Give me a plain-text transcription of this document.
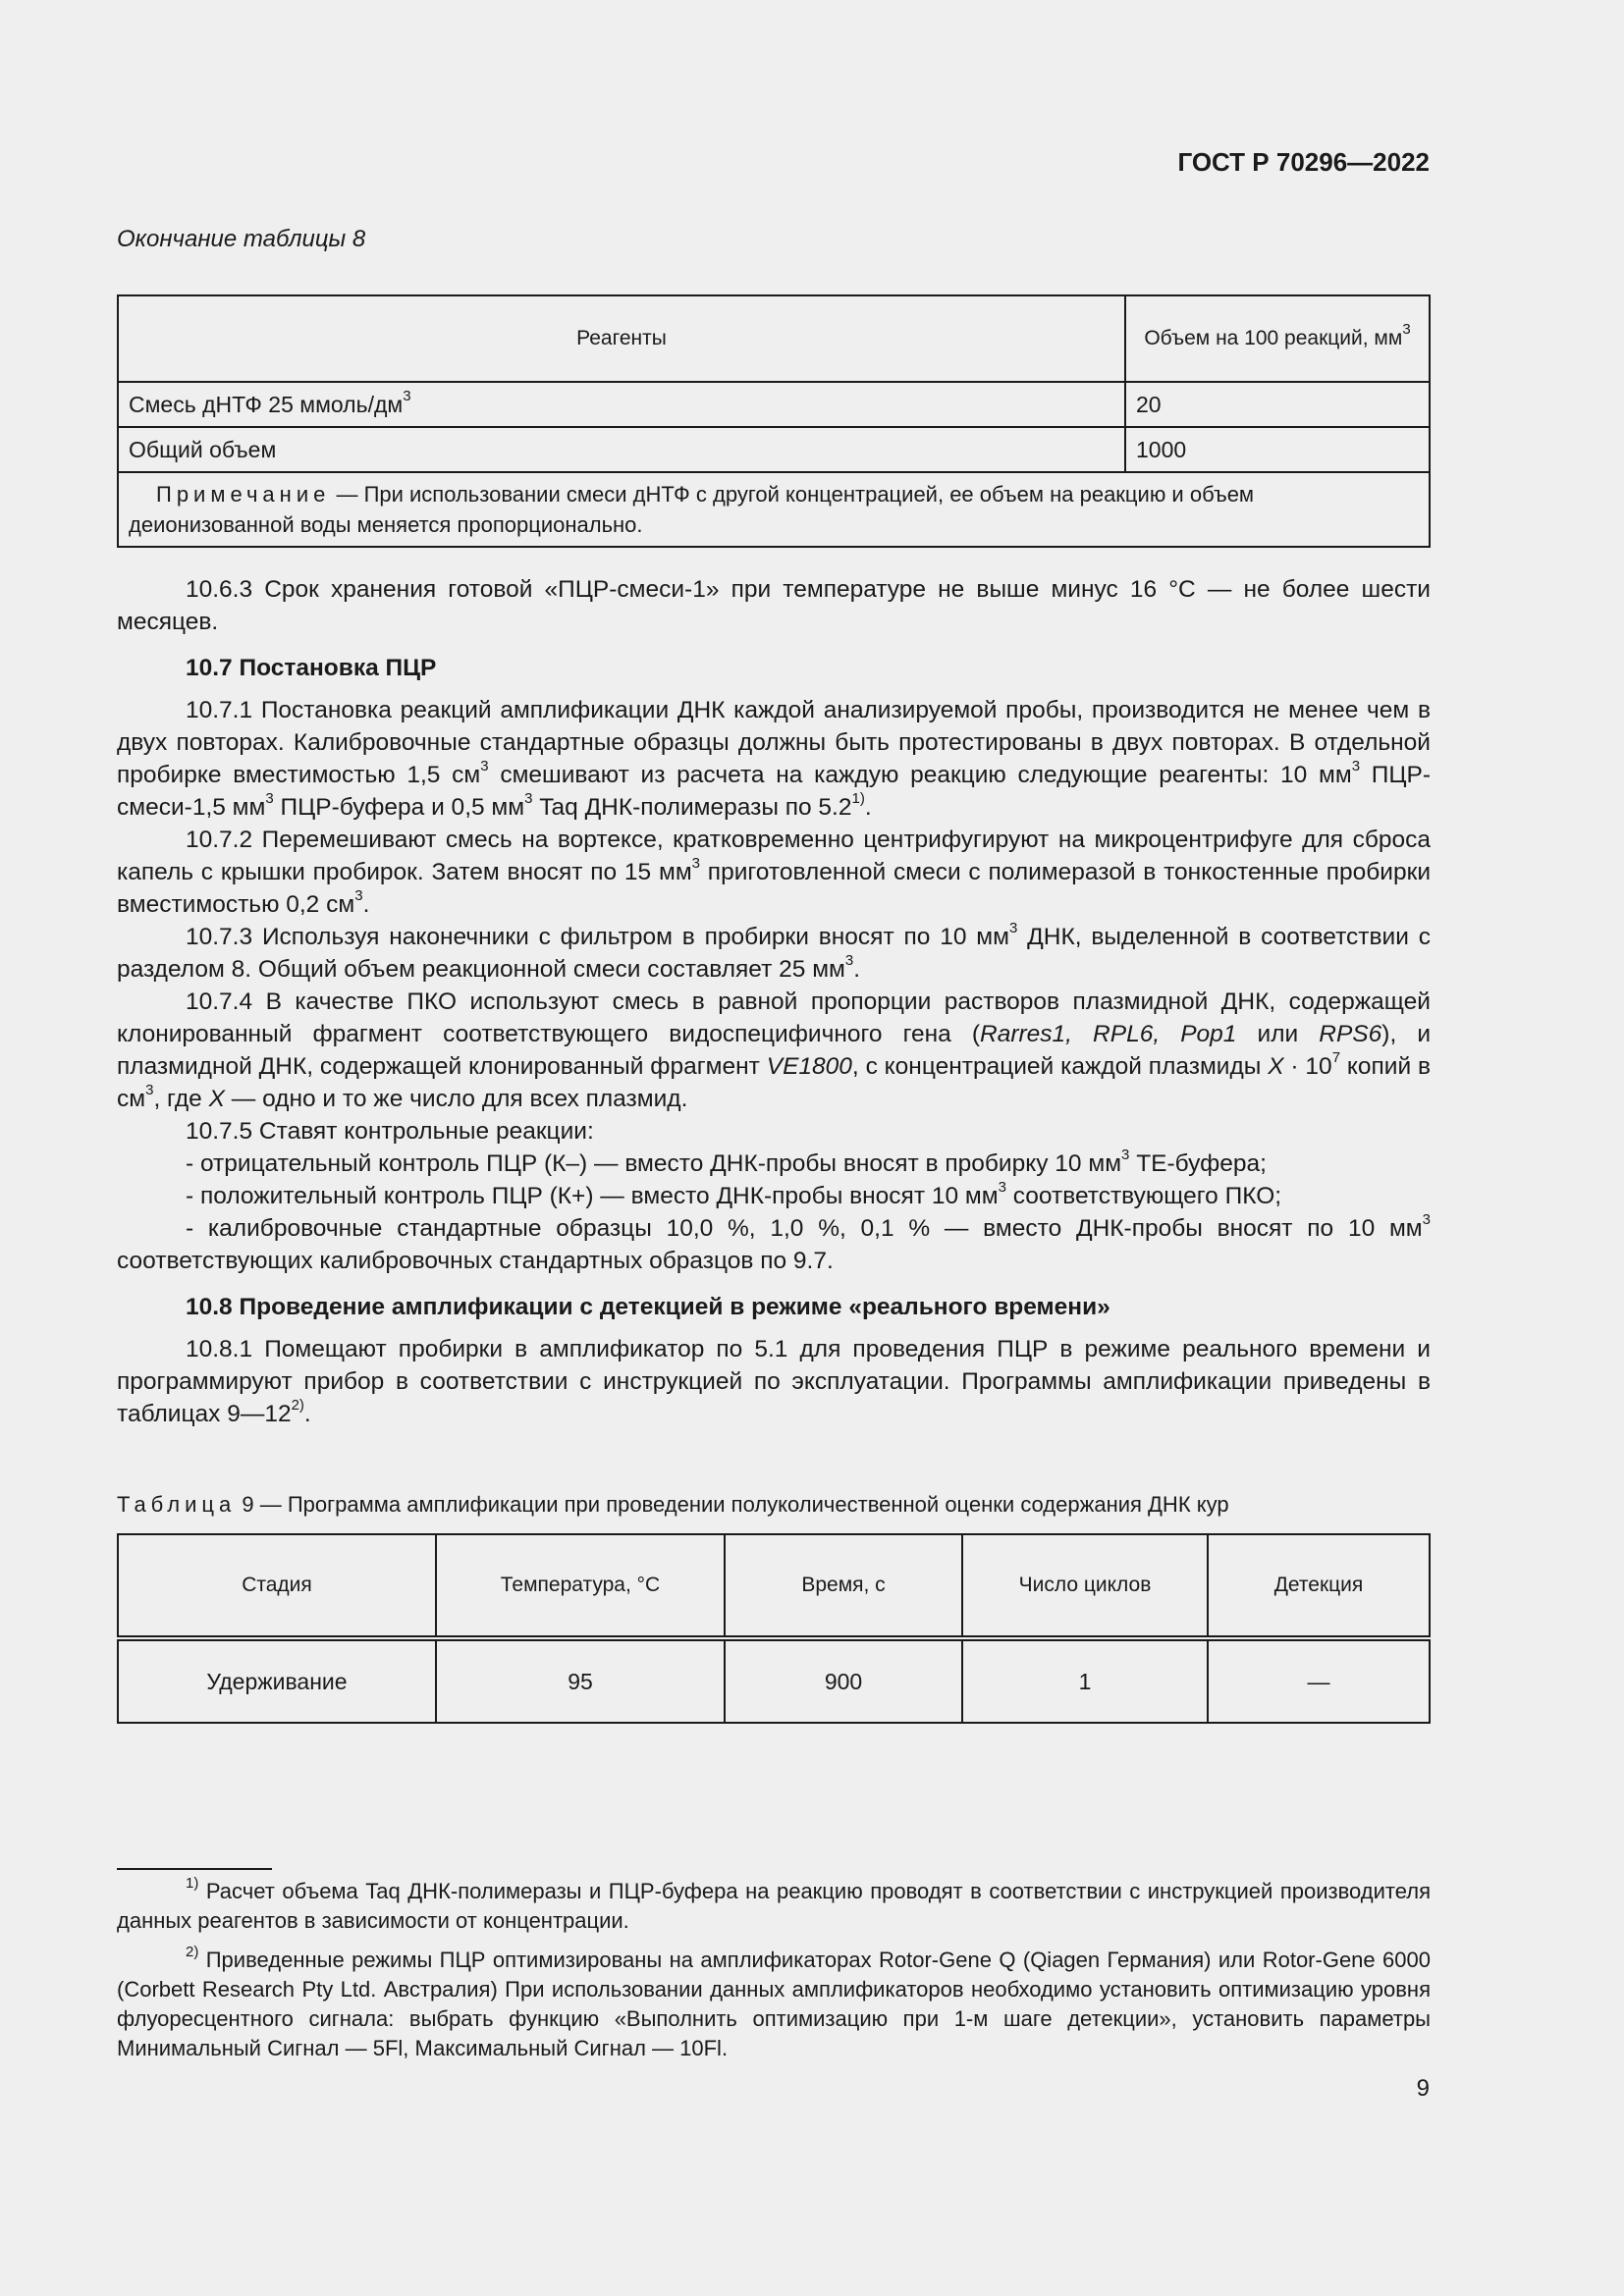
ГОСТ Р 70296—2022
Окончание таблицы 8
Реагенты	Объем на 100 реакций, $мм^3$
Смесь дНТФ 25 ммоль/$дм^3$	20
Общий объем	1000
Примечание — При использовании смеси дНТФ с другой концентрацией, ее объем на реакцию и объем деионизованной воды меняется пропорционально.	

10.6.3 Срок хранения готовой «ПЦР-смеси-1» при температуре не выше минус 16 °С — не более шести месяцев.

10.7 Постановка ПЦР

10.7.1 Постановка реакций амплификации ДНК каждой анализируемой пробы, производится не менее чем в двух повторах. Калибровочные стандартные образцы должны быть протестированы в двух повторах. В отдельной пробирке вместимостью 1,5 $см^3$ смешивают из расчета на каждую реакцию следующие реагенты: 10 $мм^3$ ПЦР-смеси-1,5 $мм^3$ ПЦР-буфера и 0,5 $мм^3$ Taq ДНК-полимеразы по 5.2$^{1)}$.

10.7.2 Перемешивают смесь на вортексе, кратковременно центрифугируют на микроцентрифуге для сброса капель с крышки пробирок. Затем вносят по 15 $мм^3$ приготовленной смеси с полимеразой в тонкостенные пробирки вместимостью 0,2 $см^3$.

10.7.3 Используя наконечники с фильтром в пробирки вносят по 10 $мм^3$ ДНК, выделенной в соответствии с разделом 8. Общий объем реакционной смеси составляет 25 $мм^3$.

10.7.4 В качестве ПКО используют смесь в равной пропорции растворов плазмидной ДНК, содержащей клонированный фрагмент соответствующего видоспецифичного гена (Rarres1, RPL6, Pop1 или RPS6), и плазмидной ДНК, содержащей клонированный фрагмент VE1800, с концентрацией каждой плазмиды $X \cdot 10^7$ копий в $см^3$, где X — одно и то же число для всех плазмид.

10.7.5 Ставят контрольные реакции:

- отрицательный контроль ПЦР (К–) — вместо ДНК-пробы вносят в пробирку 10 $мм^3$ ТЕ-буфера;

- положительный контроль ПЦР (К+) — вместо ДНК-пробы вносят 10 $мм^3$ соответствующего ПКО;

- калибровочные стандартные образцы 10,0 %, 1,0 %, 0,1 % — вместо ДНК-пробы вносят по 10 $мм^3$ соответствующих калибровочных стандартных образцов по 9.7.

10.8 Проведение амплификации с детекцией в режиме «реального времени»

10.8.1 Помещают пробирки в амплификатор по 5.1 для проведения ПЦР в режиме реального времени и программируют прибор в соответствии с инструкцией по эксплуатации. Программы амплификации приведены в таблицах 9—12$^{2)}$.

Таблица 9 — Программа амплификации при проведении полуколичественной оценки содержания ДНК кур
Стадия	Температура, °С	Время, с	Число циклов	Детекция
Удерживание	95	900	1	—

$^{1)}$ Расчет объема Taq ДНК-полимеразы и ПЦР-буфера на реакцию проводят в соответствии с инструкцией производителя данных реагентов в зависимости от концентрации.

$^{2)}$ Приведенные режимы ПЦР оптимизированы на амплификаторах Rotor-Gene Q (Qiagen Германия) или Rotor-Gene 6000 (Corbett Research Pty Ltd. Австралия) При использовании данных амплификаторов необходимо установить оптимизацию уровня флуоресцентного сигнала: выбрать функцию «Выполнить оптимизацию при 1-м шаге детекции», установить параметры Минимальный Сигнал — 5Fl, Максимальный Сигнал — 10Fl.

9
